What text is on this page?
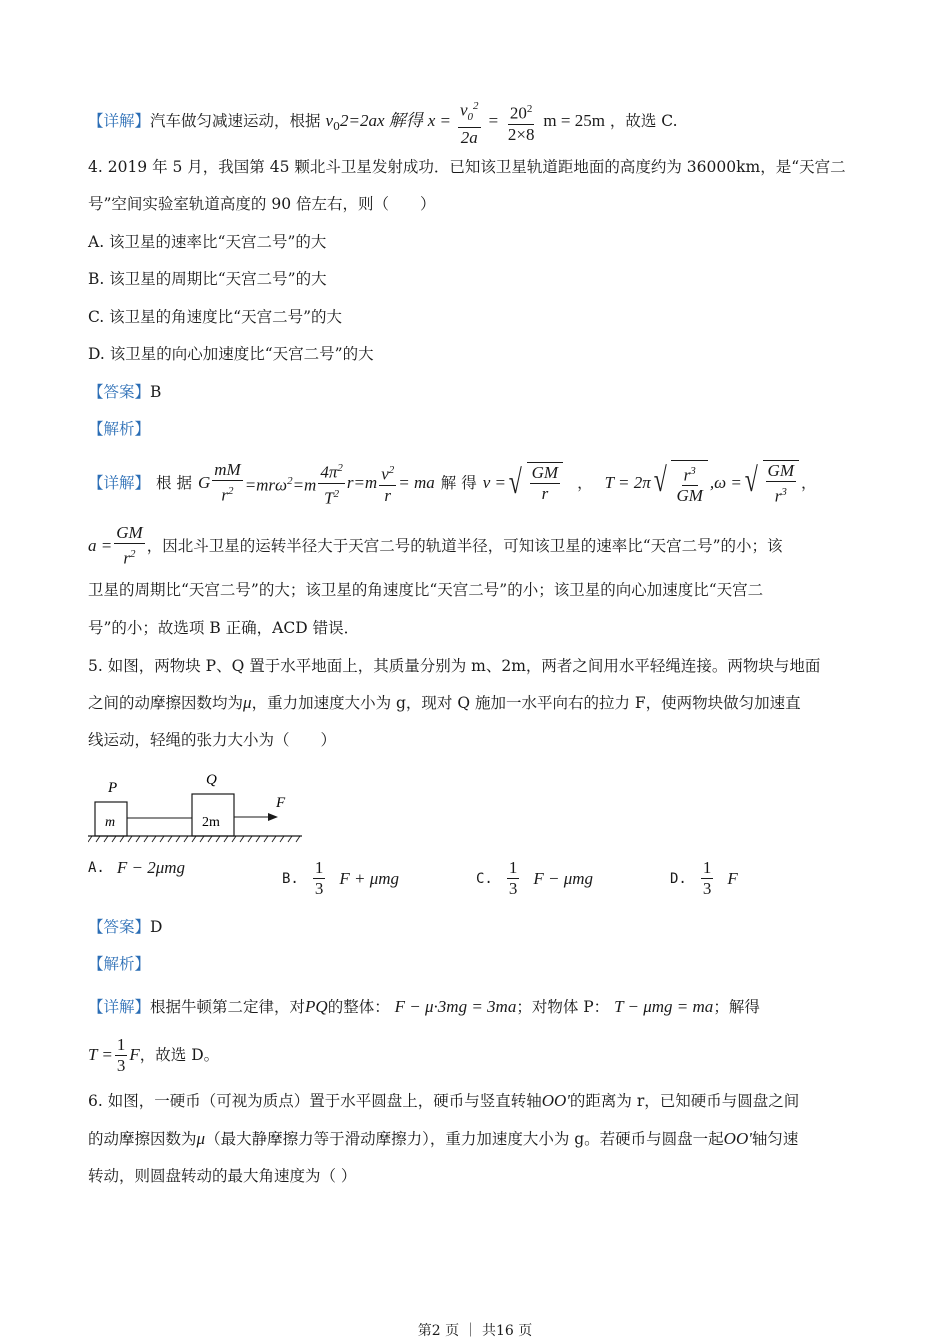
【详解】汽车做匀减速运动，根据 $v_02=2ax$ 解得 $x = \frac{v_0^2}{2a} = \frac{20^2}{2\times 8}$ m = 25m ，故选 C.
4. 2019 年 5 月，我国第 45 颗北斗卫星发射成功．已知该卫星轨道距地面的高度约为 36000km，是“天宫二
号”空间实验室轨道高度的 90 倍左右，则（　　）
A. 该卫星的速率比“天宫二号”的大
B. 该卫星的周期比“天宫二号”的大
C. 该卫星的角速度比“天宫二号”的大
D. 该卫星的向心加速度比“天宫二号”的大
【答案】B
【解析】
【详解】 根 据 G $\frac{mM}{r^2} =mr\omega^2=m \frac{4\pi^2}{T^2} r=m \frac{v^2}{r}$ = ma 解 得 v = √ $\frac{GM}{r}$ ， T = 2π √ $\frac{r^3}{GM} ,\omega$ = √ $\frac{GM}{r^3}$ ，
$a = \frac{GM}{r^2}$ ，因北斗卫星的运转半径大于天宫二号的轨道半径，可知该卫星的速率比“天宫二号”的小；该
卫星的周期比“天宫二号”的大；该卫星的角速度比“天宫二号”的小；该卫星的向心加速度比“天宫二
号”的小；故选项 B 正确，ACD 错误．
5. 如图，两物块 P、Q 置于水平地面上，其质量分别为 m、2m，两者之间用水平轻绳连接。两物块与地面
之间的动摩擦因数均为μ，重力加速度大小为 g，现对 Q 施加一水平向右的拉力 F，使两物块做匀加速直
线运动，轻绳的张力大小为（　　）
P	Q
m	2m
F
A. F − 2μmg
B. $\frac{1}{3}$ F + μmg	C. $\frac{1}{3}$ F − μmg	D. $\frac{1}{3}$ F
【答案】D
【解析】
【详解】根据牛顿第二定律，对PQ的整体： F − μ·3mg = 3ma；对物体 P： T − μmg = ma；解得
$T = \frac{1}{3}$ F ，故选 D。
6. 如图，一硬币（可视为质点）置于水平圆盘上，硬币与竖直转轴OO'的距离为 r，已知硬币与圆盘之间
的动摩擦因数为μ（最大静摩擦力等于滑动摩擦力），重力加速度大小为 g。若硬币与圆盘一起OO'轴匀速
转动，则圆盘转动的最大角速度为（ ）
第2 页 ｜ 共16 页
